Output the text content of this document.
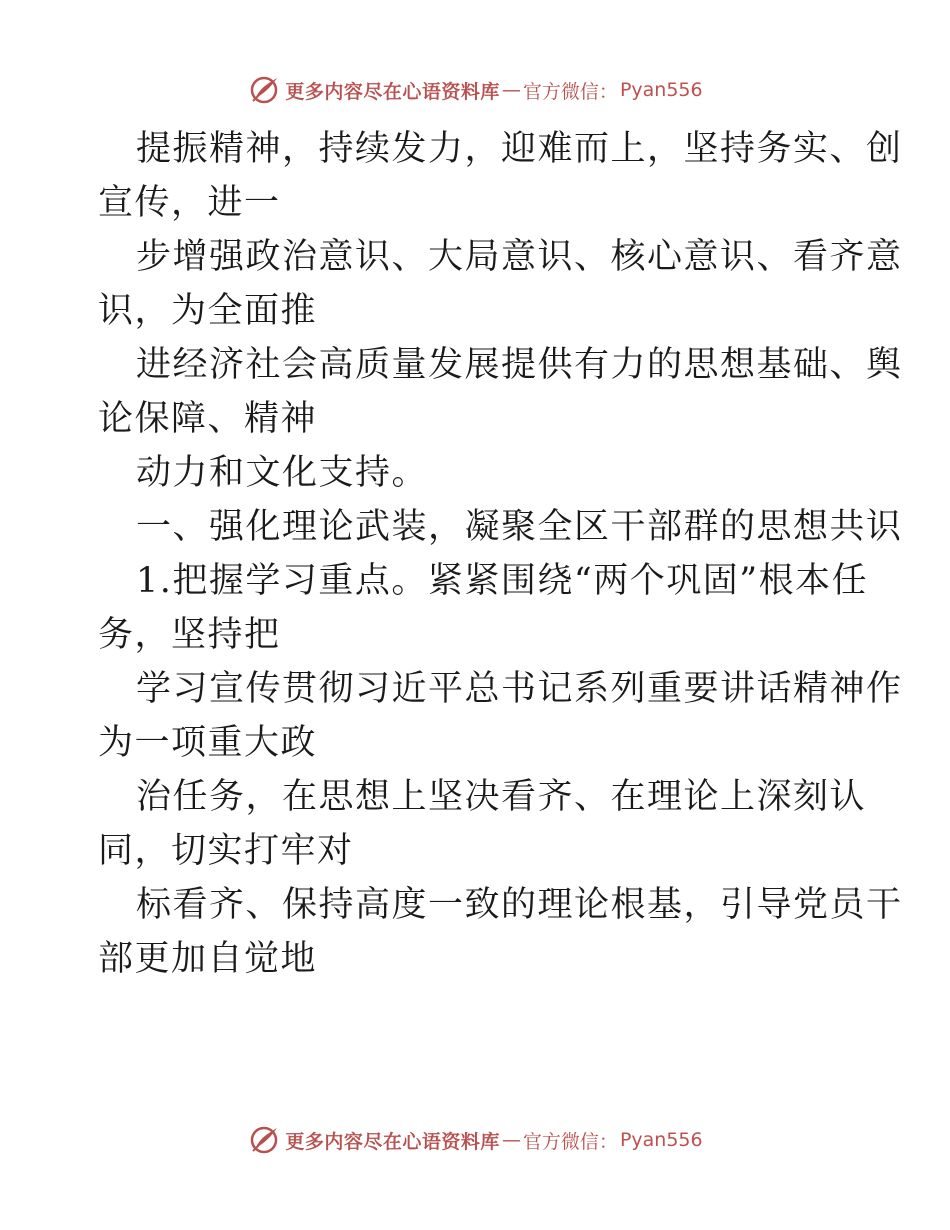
更多内容尽在心语资料库 — 官方微信： Pyan556
提振精神，持续发力，迎难而上，坚持务实、创
宣传，进一
步增强政治意识、大局意识、核心意识、看齐意
识，为全面推
进经济社会高质量发展提供有力的思想基础、舆
论保障、精神
动力和文化支持。
一、强化理论武装，凝聚全区干部群的思想共识
1.把握学习重点。紧紧围绕“两个巩固”根本任
务，坚持把
学习宣传贯彻习近平总书记系列重要讲话精神作
为一项重大政
治任务，在思想上坚决看齐、在理论上深刻认
同，切实打牢对
标看齐、保持高度一致的理论根基，引导党员干
部更加自觉地
更多内容尽在心语资料库 — 官方微信： Pyan556
